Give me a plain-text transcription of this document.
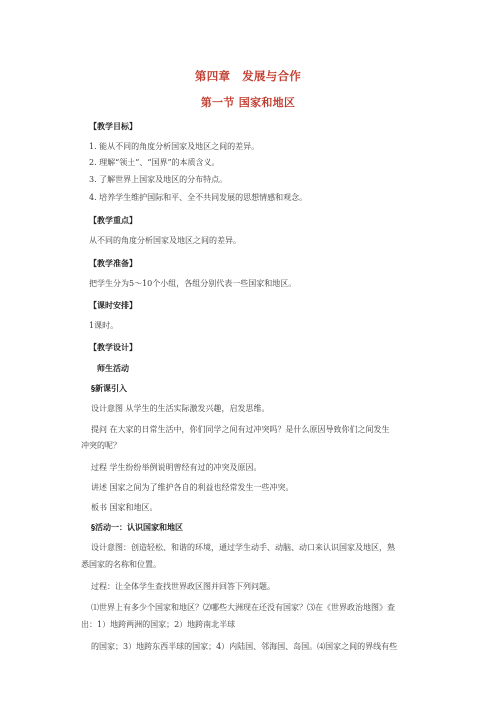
第四章　发展与合作
第一节 国家和地区
【教学目标】
1. 能从不同的角度分析国家及地区之间的差异。
2. 理解“领土”、“国界”的本质含义。
3. 了解世界上国家及地区的分布特点。
4. 培养学生维护国际和平、全不共同发展的思想情感和观念。
【教学重点】
从不同的角度分析国家及地区之间的差异。
【教学准备】
把学生分为5～10个小组，各组分别代表一些国家和地区。
【课时安排】
1课时。
【教学设计】
师生活动
§新课引入
设计意图 从学生的生活实际激发兴趣，启发思维。
提问 在大家的日常生活中，你们同学之间有过冲突吗？是什么原因导致你们之间发生
冲突的呢？
过程 学生纷纷举例说明曾经有过的冲突及原因。
讲述 国家之间为了维护各自的利益也经常发生一些冲突。
板书 国家和地区。
§活动一：认识国家和地区
设计意图：创造轻松、和谐的环境，通过学生动手、动脑、动口来认识国家及地区，熟
悉国家的名称和位置。
过程：让全体学生查找世界政区图并回答下列问题。
⑴世界上有多少个国家和地区？⑵哪些大洲现在还没有国家？⑶在《世界政治地图》查
出：1）地跨两洲的国家；2）地跨南北半球
的国家；3）地跨东西半球的国家；4）内陆国、邻海国、岛国。⑷国家之间的界线有些
